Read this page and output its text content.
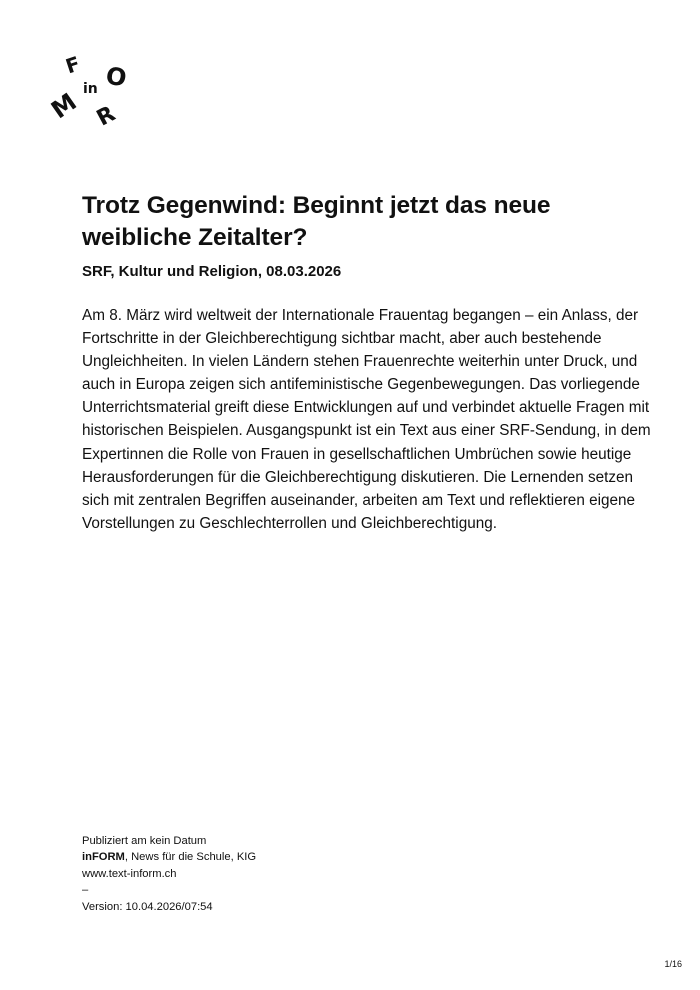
F O
in
M R
Trotz Gegenwind: Beginnt jetzt das neue weibliche Zeitalter?
SRF, Kultur und Religion, 08.03.2026

Am 8. März wird weltweit der Internationale Frauentag begangen – ein Anlass, der Fortschritte in der Gleichberechtigung sichtbar macht, aber auch bestehende Ungleichheiten. In vielen Ländern stehen Frauenrechte weiterhin unter Druck, und auch in Europa zeigen sich antifeministische Gegenbewegungen. Das vorliegende Unterrichtsmaterial greift diese Entwicklungen auf und verbindet aktuelle Fragen mit historischen Beispielen. Ausgangspunkt ist ein Text aus einer SRF-Sendung, in dem Expertinnen die Rolle von Frauen in gesellschaftlichen Umbrüchen sowie heutige Herausforderungen für die Gleichberechtigung diskutieren. Die Lernenden setzen sich mit zentralen Begriffen auseinander, arbeiten am Text und reflektieren eigene Vorstellungen zu Geschlechterrollen und Gleichberechtigung.

Publiziert am kein Datum
inFORM, News für die Schule, KIG
www.text-inform.ch
–
Version: 10.04.2026/07:54
1/16
